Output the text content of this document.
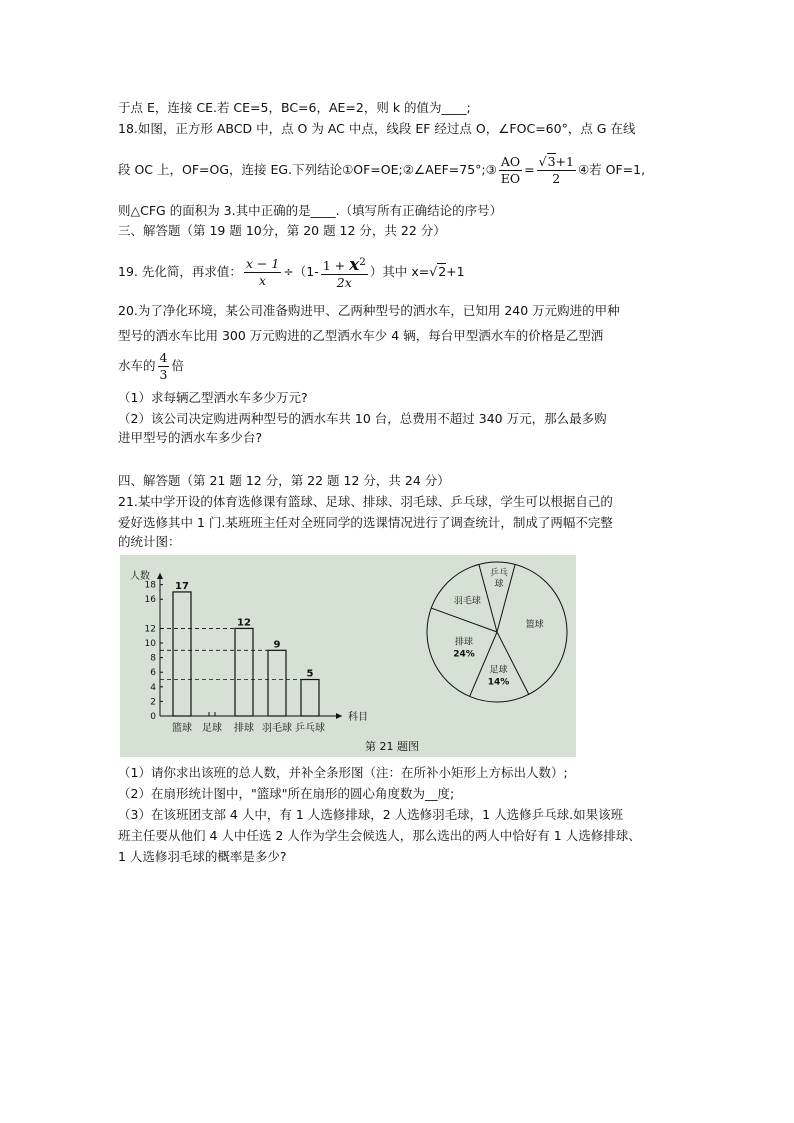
于点 E，连接 CE.若 CE=5，BC=6，AE=2，则 k 的值为____;
18.如图，正方形 ABCD 中，点 O 为 AC 中点，线段 EF 经过点 O，∠FOC=60°，点 G 在线
段 OC 上，OF=OG，连接 EG.下列结论①OF=OE;②∠AEF=75°;③ $\frac{AO}{EO} = \frac{√3+1}{2}$ ④若 OF=1,
则△CFG 的面积为 3.其中正确的是____.（填写所有正确结论的序号）
三、解答题（第 19 题 10分，第 20 题 12 分，共 22 分）
19. 先化简，再求值： $\frac{x - 1}{x} \div(1- \frac{1 + x^2}{2x}$ ）其中 x=√2+1
20.为了净化环境，某公司准备购进甲、乙两种型号的洒水车，已知用 240 万元购进的甲种
型号的洒水车比用 300 万元购进的乙型洒水车少 4 辆，每台甲型洒水车的价格是乙型洒
水车的 $\frac{4}{3}$ 倍
（1）求每辆乙型洒水车多少万元?
（2）该公司决定购进两种型号的洒水车共 10 台，总费用不超过 340 万元，那么最多购
进甲型号的洒水车多少台?
四、解答题（第 21 题 12 分，第 22 题 12 分，共 24 分）
21.某中学开设的体育选修课有篮球、足球、排球、羽毛球、乒乓球，学生可以根据自己的
爱好选修其中 1 门.某班班主任对全班同学的选课情况进行了调查统计，制成了两幅不完整
的统计图：
人数
科目
2
4
6
8
10
12
16
18
0
篮球
17
足球 排球
12
羽毛球
9
乒乓球
5
篮球
足球
14%
排球
24%
羽毛球
乒乓
球
第 21 题图
（1）请你求出该班的总人数，并补全条形图（注：在所补小矩形上方标出人数）;
（2）在扇形统计图中，"篮球"所在扇形的圆心角度数为__度;
（3）在该班团支部 4 人中，有 1 人选修排球，2 人选修羽毛球，1 人选修乒乓球.如果该班
班主任要从他们 4 人中任选 2 人作为学生会候选人，那么选出的两人中恰好有 1 人选修排球、
1 人选修羽毛球的概率是多少?
